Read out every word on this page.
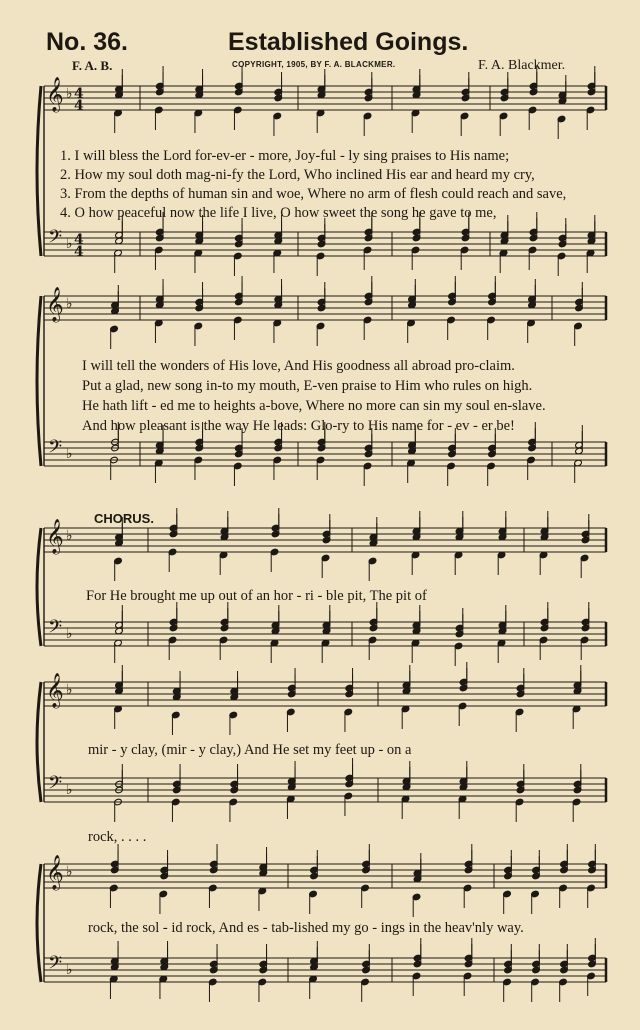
No. 36.	Established Goings.
F. A. B.	COPYRIGHT, 1905, BY F. A. BLACKMER.	F. A. Blackmer.
𝄞
𝄢
♭
♭
4
4
4
4
𝄞
𝄢
♭
♭
𝄞
𝄢
♭
♭
𝄞
𝄢
♭
♭
𝄞
𝄢
♭
♭
1. I will bless the Lord for-ev-er - more, Joy-ful - ly sing praises to His name;
2. How my soul doth mag-ni-fy the Lord, Who inclined His ear and heard my cry,
3. From the depths of human sin and woe, Where no arm of flesh could reach and save,
4. O how peaceful now the life I live, O how sweet the song he gave to me,
I will tell the wonders of His love, And His goodness all abroad pro-claim.
Put a glad, new song in-to my mouth, E-ven praise to Him who rules on high.
He hath lift - ed me to heights a-bove, Where no more can sin my soul en-slave.
And how pleasant is the way He leads: Glo-ry to His name for - ev - er be!
CHORUS.
For He brought me up out of an hor - ri - ble pit, The pit of
mir - y clay, (mir - y clay,) And He set my feet up - on a
rock, . . . .
rock, the sol - id rock, And es - tab-lished my go - ings in the heav'nly way.
